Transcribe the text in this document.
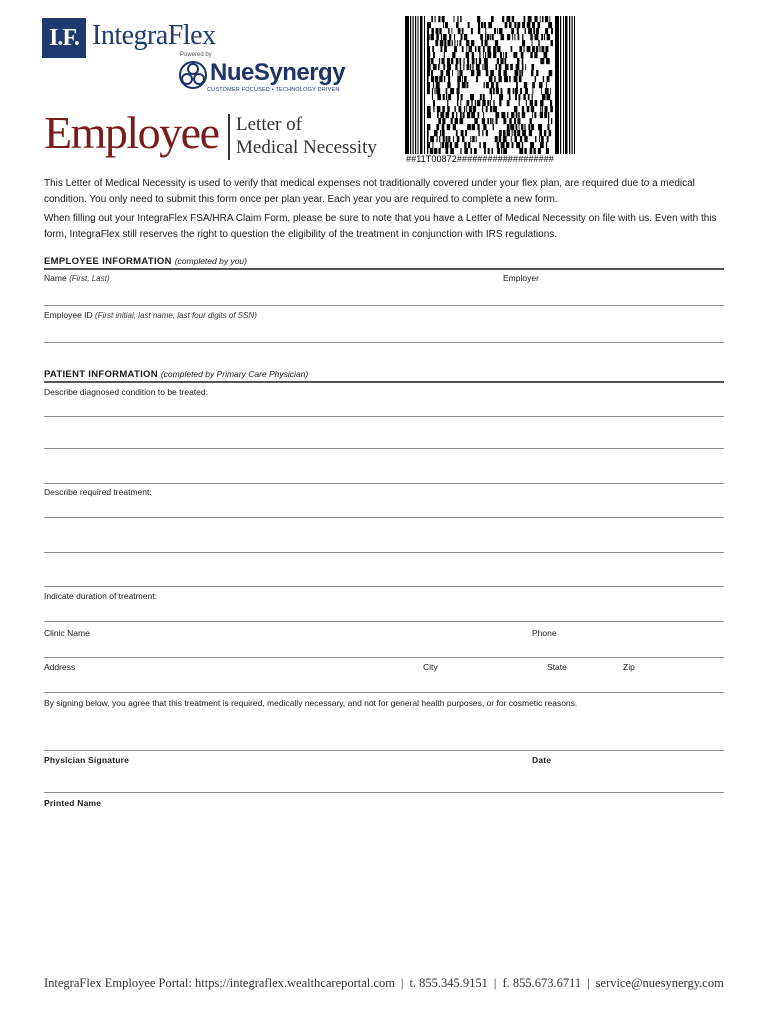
I.F. IntegraFlex
Powered by
NueSynergy
CUSTOMER FOCUSED • TECHNOLOGY DRIVEN
Employee Letter of
Medical Necessity
##11T00872###################
This Letter of Medical Necessity is used to verify that medical expenses not traditionally covered under your flex plan, are required due to a medical condition. You only need to submit this form once per plan year. Each year you are required to complete a new form.
When filling out your IntegraFlex FSA/HRA Claim Form, please be sure to note that you have a Letter of Medical Necessity on file with us. Even with this form, IntegraFlex still reserves the right to question the eligibility of the treatment in conjunction with IRS regulations.
EMPLOYEE INFORMATION (completed by you)
Name (First, Last)	Employer
Employee ID (First initial, last name, last four digits of SSN)
PATIENT INFORMATION (completed by Primary Care Physician)
Describe diagnosed condition to be treated:
Describe required treatment:
Indicate duration of treatment:
Clinic Name	Phone
Address	City	State	Zip
By signing below, you agree that this treatment is required, medically necessary, and not for general health purposes, or for cosmetic reasons.
Physician Signature	Date
Printed Name
IntegraFlex Employee Portal: https://integraflex.wealthcareportal.com | t. 855.345.9151 | f. 855.673.6711 | service@nuesynergy.com
